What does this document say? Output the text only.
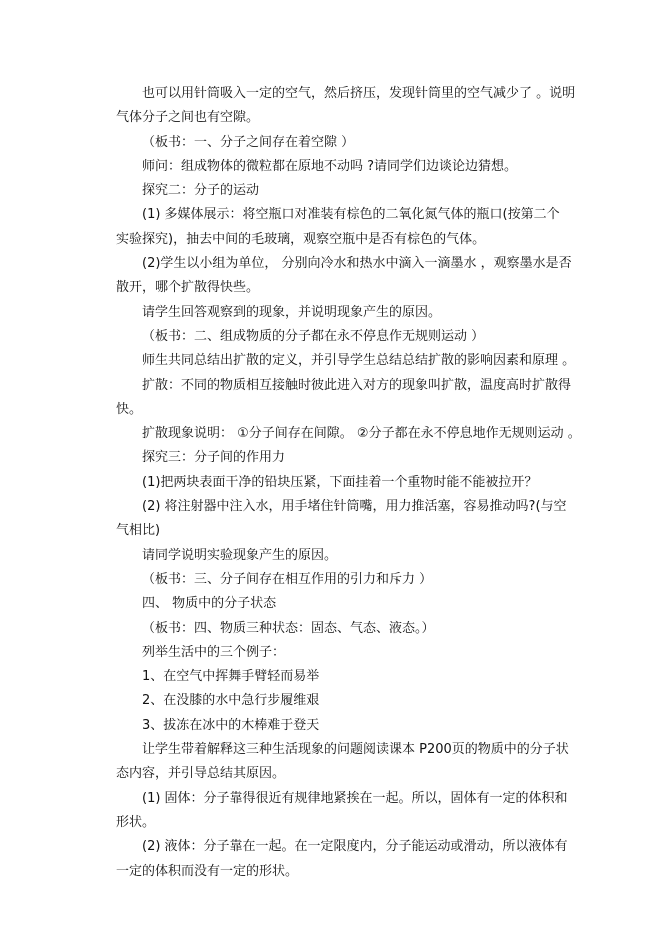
也可以用针筒吸入一定的空气，然后挤压，发现针筒里的空气减少了 。说明
气体分子之间也有空隙。
（板书：一、分子之间存在着空隙 ）
师问：组成物体的微粒都在原地不动吗 ?请同学们边谈论边猜想。
探究二：分子的运动
(1) 多媒体展示：将空瓶口对准装有棕色的二氧化氮气体的瓶口(按第二个
实验探究)，抽去中间的毛玻璃，观察空瓶中是否有棕色的气体。
(2)学生以小组为单位， 分别向冷水和热水中滴入一滴墨水 ，观察墨水是否
散开，哪个扩散得快些。
请学生回答观察到的现象，并说明现象产生的原因。
（板书：二、组成物质的分子都在永不停息作无规则运动 ）
师生共同总结出扩散的定义，并引导学生总结总结扩散的影响因素和原理 。
扩散：不同的物质相互接触时彼此进入对方的现象叫扩散，温度高时扩散得
快。
扩散现象说明： ①分子间存在间隙。 ②分子都在永不停息地作无规则运动 。
探究三：分子间的作用力
(1)把两块表面干净的铅块压紧，下面挂着一个重物时能不能被拉开？
(2) 将注射器中注入水，用手堵住针筒嘴，用力推活塞，容易推动吗?(与空
气相比)
请同学说明实验现象产生的原因。
（板书：三、分子间存在相互作用的引力和斥力 ）
四、 物质中的分子状态
（板书：四、物质三种状态：固态、气态、液态。）
列举生活中的三个例子：
1、在空气中挥舞手臂轻而易举
2、在没膝的水中急行步履维艰
3、拔冻在冰中的木棒难于登天
让学生带着解释这三种生活现象的问题阅读课本 P200页的物质中的分子状
态内容，并引导总结其原因。
(1) 固体：分子靠得很近有规律地紧挨在一起。所以，固体有一定的体积和
形状。
(2) 液体：分子靠在一起。在一定限度内，分子能运动或滑动，所以液体有
一定的体积而没有一定的形状。
